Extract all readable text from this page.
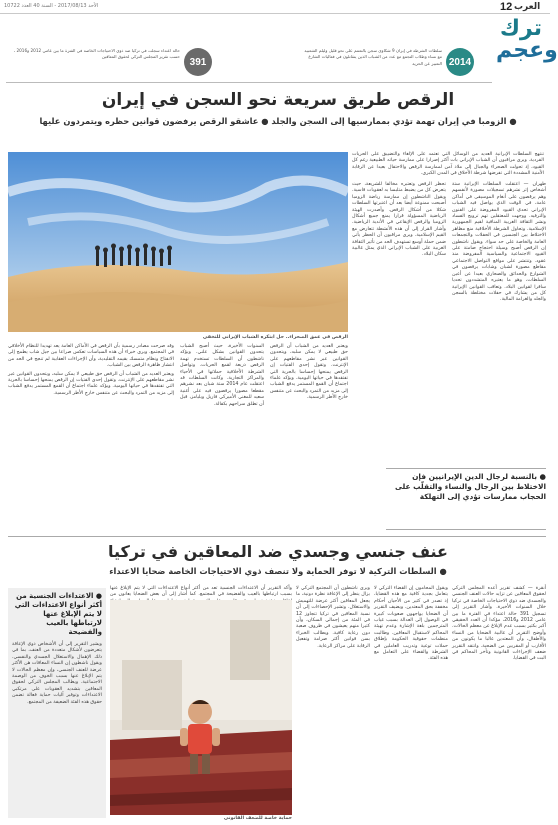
الأحد 2017/08/13 - السنة 40 العدد 10722	12 العرب
ترك
وعجم
2014
سلطات الشرطة في إيران 9 شكاوى سجن بالتعمم على نحو قليل وليلم الشعبية مع نساء وطلاب التجمع مع عدد من الشباب الذين يتقاتلون في فعاليات الشارع التعبير عن الحرية
391
حالة اعتداء سجلت في تركيا ضد ذوي الاحتياجات الخاصة في الفترة ما بين عامي 2012 و2016 ، حسب تقرير المجلس التركي لحقوق المعاقين
الرقص طريق سريعة نحو السجن في إيران
● الزومبا في إيران تهمة تؤدي بممارسيها إلى السجن والجلد ● عاشقو الرقص يرفضون قوانين حظره ويتمردون عليها
الرقص في عمق الصحراء.. حل ابتكره الشباب الإيراني للتخفي

تنتهج السلطات الإيرانية العديد من الوسائل التي تعتمد على الإلغاء والتضييق على الحريات الفردية. ويرى مراقبون أن الشباب الإيراني بات أكثر إصرارا على ممارسة حياته الطبيعية رغم كل القيود، إذ تحولت الصحراء والجبال إلى ملاذ آمن لممارسة الرقص والاحتفال بعيدا عن الرقابة الأمنية المشددة التي تفرضها شرطة الأخلاق في المدن الكبرى.

طهران — اعتقلت السلطات الإيرانية ستة أشخاص إثر نشرهم تسجيلات مصورة لأنفسهم وهم يرقصون على أنغام الموسيقى في أماكن عامة، في الوقت الذي يواصل فيه الشباب الإيراني تحدي القيود المفروضة على الفنون والترفيه. ووجهت للمعتقلين تهم ترويج الفساد ونشر الثقافة الغربية المنافية لقيم الجمهورية الإسلامية. وتحاول الشرطة الأخلاقية منع مظاهر الاختلاط بين الجنسين في الحفلات والتجمعات العامة والخاصة على حد سواء. ويقول ناشطون إن الرقص أصبح وسيلة احتجاج صامتة على القيود الاجتماعية والسياسية المفروضة منذ عقود. وتنتشر على مواقع التواصل الاجتماعي مقاطع مصورة لشبان وشابات يرقصون في الشوارع والحدائق والصحاري بعيدا عن أعين السلطات، وهو ما يعتبره المتشددون تحديا سافرا لقوانين البلاد. وتعاقب القوانين الإيرانية كل من يشارك في حفلات مختلطة بالسجن والجلد والغرامة المالية.

تحظر الرقص وتعتبره مخالفا للشريعة، حيث يتعرض كل من يضبط متلبسا به لعقوبات قاسية. ويقول الناشطون إن ممارسة رياضة الزومبا أصبحت ممنوعة أيضا بعد أن اعتبرتها السلطات شكلا من أشكال الرقص. وأصدرت الهيئة الرياضية المسؤولة قرارا يمنع جميع أشكال الزومبا والرقص الإيقاعي في الأندية الرياضية. وأشار القرار إلى أن هذه الأنشطة تتعارض مع القيم الإسلامية. ويرى مراقبون أن الحظر يأتي ضمن حملة أوسع تستهدف الحد من تأثير الثقافة الغربية على الشباب الإيراني الذي يمثل غالبية سكان البلاد.

ويعتبر العديد من الشباب أن الرقص حق طبيعي لا يمكن سلبه، ويتحدون القوانين عبر نشر مقاطعهم على الإنترنت. وتقول إحدى الفتيات إن الرقص يمنحها إحساسا بالحرية التي تفتقدها في حياتها اليومية. ويؤكد علماء اجتماع أن القمع المستمر يدفع الشباب إلى مزيد من التمرد والبحث عن متنفس خارج الأطر الرسمية.

السنوات الأخيرة، حيث أصبح الشباب يتحدون القوانين بشكل علني. ويؤكد ناشطون أن السلطات تستخدم تهمة الرقص ذريعة لقمع الحريات. وتواصل الشرطة الأخلاقية حملاتها في الأحياء والمراكز التجارية. وكانت السلطات قد اعتقلت عام 2014 ستة شبان بعد نشرهم مقطعا مصورا يرقصون فيه على أغنية سعيد للمغني الأميركي فاريل ويليامز، قبل أن تطلق سراحهم بكفالة.

وقد صرحت مصادر رسمية بأن الرقص في الأماكن العامة يعد تهديدا للنظام الأخلاقي في المجتمع. ويرى خبراء أن هذه السياسات تعكس صراعا بين جيل شاب يطمح إلى الانفتاح ونظام متمسك بقيمه التقليدية، وأن الإجراءات العقابية لم تنجح في الحد من انتشار ظاهرة الرقص بين الشباب.

ويعتبر العديد من الشباب أن الرقص حق طبيعي لا يمكن سلبه، ويتحدون القوانين عبر نشر مقاطعهم على الإنترنت. وتقول إحدى الفتيات إن الرقص يمنحها إحساسا بالحرية التي تفتقدها في حياتها اليومية. ويؤكد علماء اجتماع أن القمع المستمر يدفع الشباب إلى مزيد من التمرد والبحث عن متنفس خارج الأطر الرسمية.

● بالنسبة لرجال الدين الإيرانيين فإن الاختلاط بين الرجال والنساء والتقلّب على الحجاب ممارسات تؤدي إلى التهلكة
عنف جنسي وجسدي ضد المعاقين في تركيا
● السلطات التركية لا توفر الحماية ولا تنصف ذوي الاحتياجات الخاصة ضحايا الاعتداء

أنقرة — كشف تقرير أعده المجلس التركي لحقوق المعاقين عن تزايد حالات العنف الجنسي والجسدي ضد ذوي الاحتياجات الخاصة في تركيا خلال السنوات الأخيرة. وأشار التقرير إلى تسجيل 391 حالة اعتداء في الفترة ما بين عامي 2012 و2016، مؤكدا أن العدد الحقيقي أكبر بكثير بسبب عدم الإبلاغ عن معظم الحالات. وأوضح التقرير أن غالبية الضحايا من النساء والأطفال، وأن المعتدين غالبا ما يكونون من الأقارب أو المقربين من الضحية. وانتقد التقرير ضعف الإجراءات القانونية وتأخر المحاكم في البت في القضايا.

ويقول المحامون إن القضاء التركي لا يتعامل بجدية كافية مع هذه القضايا، إذ تصدر في كثير من الأحيان أحكام مخففة بحق المعتدين. ويضيف التقرير أن الضحايا يواجهون صعوبات كبيرة في الوصول إلى العدالة بسبب غياب المترجمين بلغة الإشارة وعدم تهيئة المحاكم لاستقبال المعاقين. وطالبت منظمات حقوقية الحكومة بإطلاق حملات توعية وتدريب العاملين في الشرطة والقضاء على التعامل مع هذه الفئة.

ويرى ناشطون أن المجتمع التركي لا يزال ينظر إلى الإعاقة نظرة دونية، ما يجعل المعاقين أكثر عرضة للتهميش والاستغلال. وتشير الإحصاءات إلى أن نسبة المعاقين في تركيا تتجاوز 12 في المئة من إجمالي السكان، وأن كثيرا منهم يعيشون في ظروف صعبة دون رعاية كافية. ويطالب الخبراء بسن قوانين أكثر صرامة وتفعيل الرقابة على مراكز الرعاية.

وأكد التقرير أن الاعتداءات الجنسية تعد من أكثر أنواع الاعتداءات التي لا يتم الإبلاغ عنها بسبب ارتباطها بالعيب والفضيحة في المجتمع. كما أشار إلى أن بعض الضحايا يعانون من

حماية خاصة للضعف القانوني
● الاعتداءات الجنسية من أكثر أنواع الاعتداءات التي لا يتم الإبلاغ عنها لارتباطها بالعيب والفضيحة
ويشير التقرير إلى أن الأشخاص ذوي الإعاقة يتعرضون لأشكال متعددة من العنف، بما في ذلك الإهمال والاستغلال الجسدي والنفسي. ويقول ناشطون إن النساء المعاقات هن الأكثر عرضة للعنف الجنسي، وإن معظم الحالات لا يتم الإبلاغ عنها بسبب الخوف من الوصمة الاجتماعية. ويطالب المجلس التركي لحقوق المعاقين بتشديد العقوبات على مرتكبي الاعتداءات وتوفير آليات حماية فعالة تضمن حقوق هذه الفئة الضعيفة من المجتمع.
